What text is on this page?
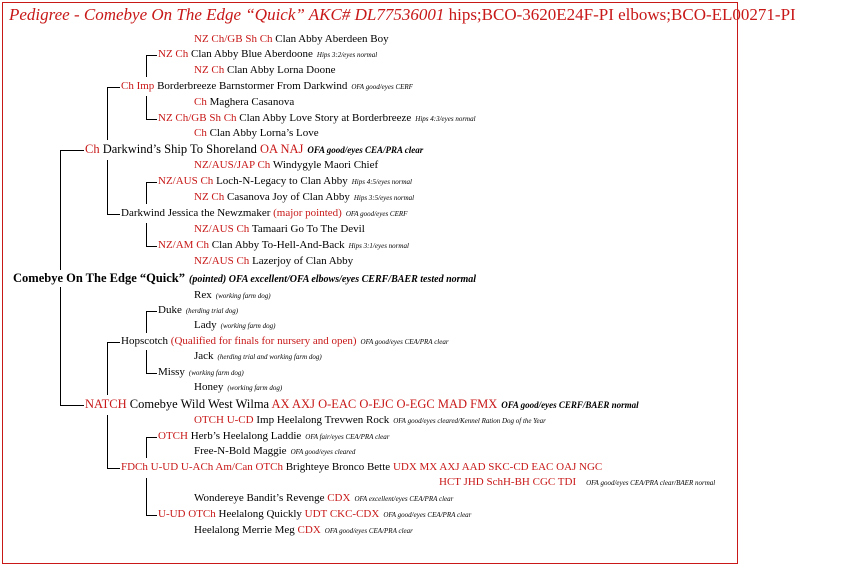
Pedigree - Comebye On The Edge “Quick” AKC# DL77536001 hips;BCO-3620E24F-PI elbows;BCO-EL00271-PI
NZ Ch/GB Sh Ch Clan Abby Aberdeen Boy
NZ Ch Clan Abby Blue Aberdoone Hips 3:2/eyes normal
NZ Ch Clan Abby Lorna Doone
Ch Imp Borderbreeze Barnstormer From Darkwind OFA good/eyes CERF
Ch Maghera Casanova
NZ Ch/GB Sh Ch Clan Abby Love Story at Borderbreeze Hips 4:3/eyes normal
Ch Clan Abby Lorna’s Love
Ch Darkwind’s Ship To Shoreland OA NAJ OFA good/eyes CEA/PRA clear
NZ/AUS/JAP Ch Windygyle Maori Chief
NZ/AUS Ch Loch-N-Legacy to Clan Abby Hips 4:5/eyes normal
NZ Ch Casanova Joy of Clan Abby Hips 3:5/eyes normal
Darkwind Jessica the Newzmaker (major pointed) OFA good/eyes CERF
NZ/AUS Ch Tamaari Go To The Devil
NZ/AM Ch Clan Abby To-Hell-And-Back Hips 3:1/eyes normal
NZ/AUS Ch Lazerjoy of Clan Abby
Comebye On The Edge “Quick” (pointed) OFA excellent/OFA elbows/eyes CERF/BAER tested normal
Rex (working farm dog)
Duke (herding trial dog)
Lady (working farm dog)
Hopscotch (Qualified for finals for nursery and open) OFA good/eyes CEA/PRA clear
Jack (herding trial and working farm dog)
Missy (working farm dog)
Honey (working farm dog)
NATCH Comebye Wild West Wilma AX AXJ O-EAC O-EJC O-EGC MAD FMX OFA good/eyes CERF/BAER normal
OTCH U-CD Imp Heelalong Trevwen Rock OFA good/eyes cleared/Kennel Ration Dog of the Year
OTCH Herb’s Heelalong Laddie OFA fair/eyes CEA/PRA clear
Free-N-Bold Maggie OFA good/eyes cleared
FDCh U-UD U-ACh Am/Can OTCh Brighteye Bronco Bette UDX MX AXJ AAD SKC-CD EAC OAJ NGC
HCT JHD SchH-BH CGC TDI OFA good/eyes CEA/PRA clear/BAER normal
Wondereye Bandit’s Revenge CDX OFA excellent/eyes CEA/PRA clear
U-UD OTCh Heelalong Quickly UDT CKC-CDX OFA good/eyes CEA/PRA clear
Heelalong Merrie Meg CDX OFA good/eyes CEA/PRA clear
